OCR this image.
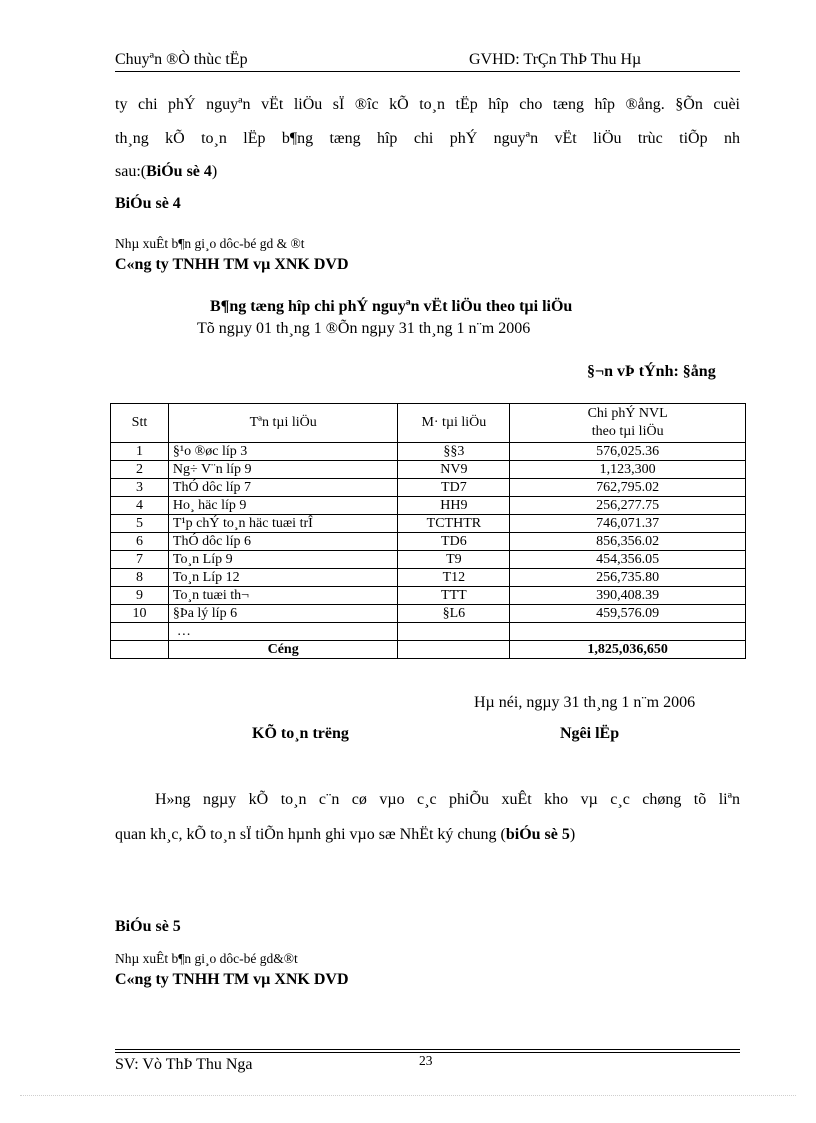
Chuyªn ®Ò thùc tËp	GVHD: TrÇn ThÞ Thu Hµ
ty chi phÝ nguyªn vËt liÖu sÏ ®îc kÕ to¸n tËp hîp cho tæng hîp ®ång. §Õn cuèi
th¸ng kÕ to¸n lËp b¶ng tæng hîp chi phÝ nguyªn vËt liÖu trùc tiÕp nh
sau:(BiÓu sè 4)
BiÓu sè 4
Nhµ xuÊt b¶n gi¸o dôc-bé gd & ®t
C«ng ty TNHH TM vµ XNK DVD
B¶ng tæng hîp chi phÝ nguyªn vËt liÖu theo tµi liÖu
Tõ ngµy 01 th¸ng 1 ®Õn ngµy 31 th¸ng 1 n¨m 2006
§¬n vÞ tÝnh: §ång
Stt	Tªn tµi liÖu	M· tµi liÖu	Chi phÝ NVL
theo tµi liÖu
1	§¹o ®øc líp 3	§§3	576,025.36
2	Ng÷ V¨n líp 9	NV9	1,123,300
3	ThÓ dôc líp 7	TD7	762,795.02
4	Ho¸ häc líp 9	HH9	256,277.75
5	T¹p chÝ to¸n häc tuæi trÎ	TCTHTR	746,071.37
6	ThÓ dôc líp 6	TD6	856,356.02
7	To¸n Líp 9	T9	454,356.05
8	To¸n Líp 12	T12	256,735.80
9	To¸n tuæi th¬	TTT	390,408.39
10	§Þa lý líp 6	§L6	459,576.09
	…		
	Céng		1,825,036,650
Hµ néi, ngµy 31 th¸ng 1 n¨m 2006
KÕ to¸n trëng	Ngêi lËp
H»ng ngµy kÕ to¸n c¨n cø vµo c¸c phiÕu xuÊt kho vµ c¸c chøng tõ liªn
quan kh¸c, kÕ to¸n sÏ tiÕn hµnh ghi vµo sæ NhËt ký chung (biÓu sè 5)
BiÓu sè 5
Nhµ xuÊt b¶n gi¸o dôc-bé gd&®t
C«ng ty TNHH TM vµ XNK DVD
SV: Vò ThÞ Thu Nga	23
